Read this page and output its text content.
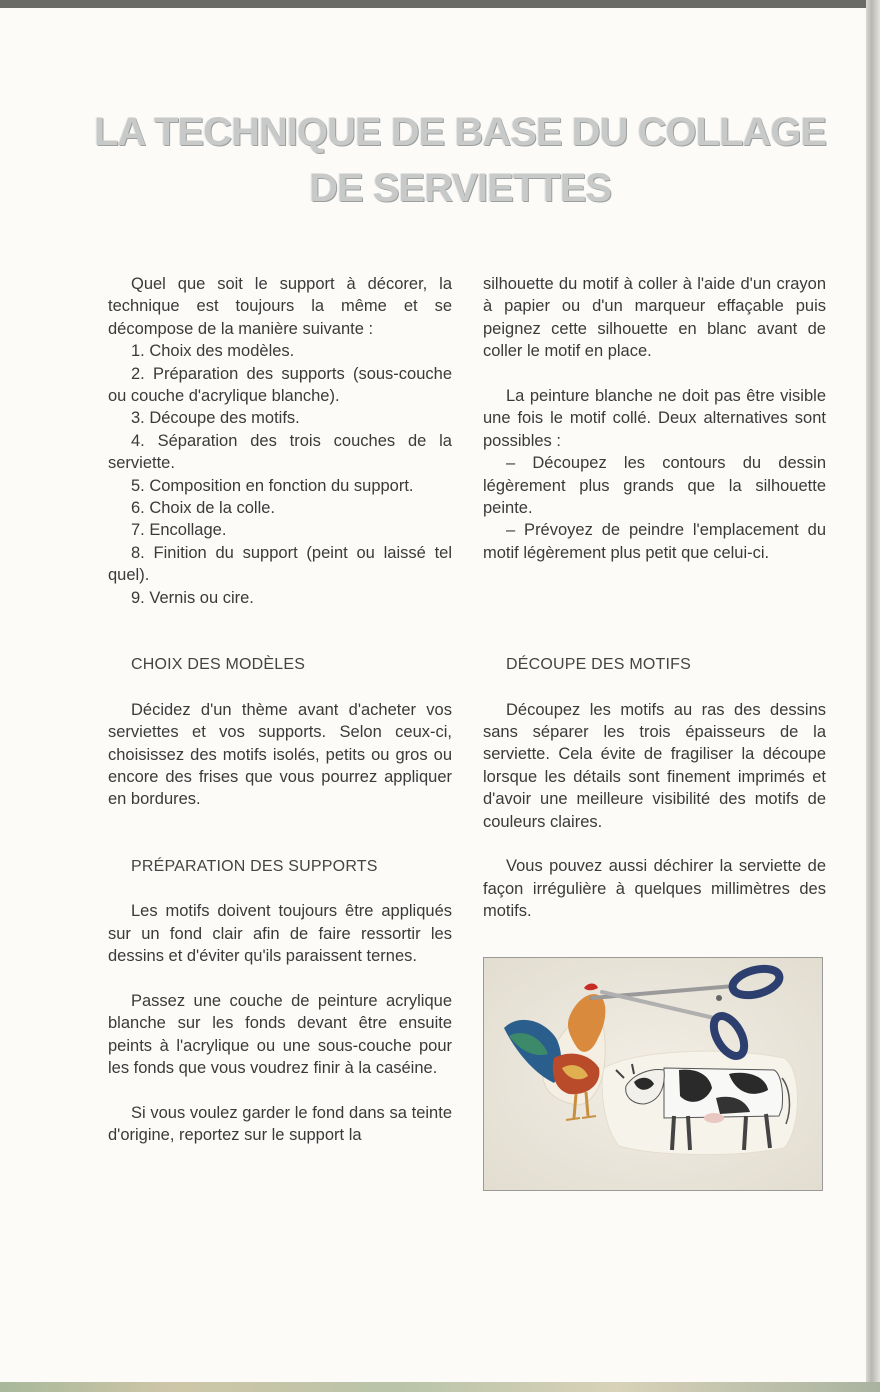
LA TECHNIQUE DE BASE DU COLLAGE
DE SERVIETTES

Quel que soit le support à décorer, la technique est toujours la même et se décompose de la manière suivante :

1. Choix des modèles.

2. Préparation des supports (sous-couche ou couche d'acrylique blanche).

3. Découpe des motifs.

4. Séparation des trois couches de la serviette.

5. Composition en fonction du support.

6. Choix de la colle.

7. Encollage.

8. Finition du support (peint ou laissé tel quel).

9. Vernis ou cire.

CHOIX DES MODÈLES

Décidez d'un thème avant d'acheter vos serviettes et vos supports. Selon ceux-ci, choisissez des motifs isolés, petits ou gros ou encore des frises que vous pourrez appliquer en bordures.

PRÉPARATION DES SUPPORTS

Les motifs doivent toujours être appliqués sur un fond clair afin de faire ressortir les dessins et d'éviter qu'ils paraissent ternes.

Passez une couche de peinture acrylique blanche sur les fonds devant être ensuite peints à l'acrylique ou une sous-couche pour les fonds que vous voudrez finir à la caséine.

Si vous voulez garder le fond dans sa teinte d'origine, reportez sur le support la

silhouette du motif à coller à l'aide d'un crayon à papier ou d'un marqueur effaçable puis peignez cette silhouette en blanc avant de coller le motif en place.

La peinture blanche ne doit pas être visible une fois le motif collé. Deux alternatives sont possibles :

– Découpez les contours du dessin légèrement plus grands que la silhouette peinte.

– Prévoyez de peindre l'emplacement du motif légèrement plus petit que celui-ci.

DÉCOUPE DES MOTIFS

Découpez les motifs au ras des dessins sans séparer les trois épaisseurs de la serviette. Cela évite de fragiliser la découpe lorsque les détails sont finement imprimés et d'avoir une meilleure visibilité des motifs de couleurs claires.

Vous pouvez aussi déchirer la serviette de façon irrégulière à quelques millimètres des motifs.
